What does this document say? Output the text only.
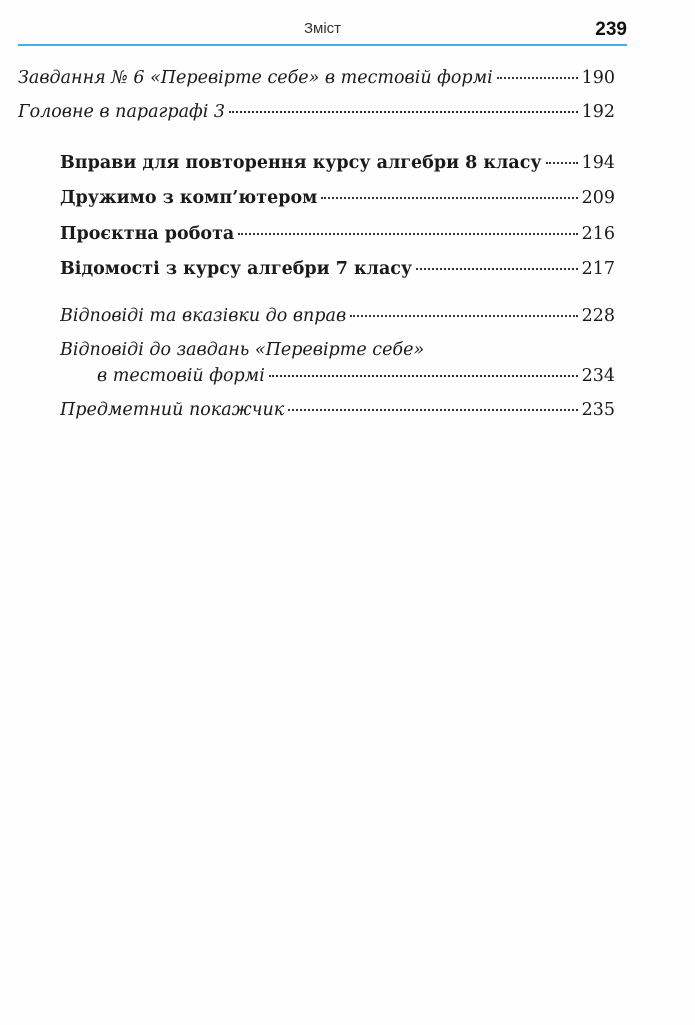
Зміст	239
Завдання № 6 «Перевірте себе» в тестовій формі	190
Головне в параграфі 3	192
Вправи для повторення курсу алгебри 8 класу 194
Дружимо з комп’ютером	209
Проєктна робота	216
Відомості з курсу алгебри 7 класу	217
Відповіді та вказівки до вправ	228
Відповіді до завдань «Перевірте себе»
в тестовій формі	234
Предметний покажчик	235
